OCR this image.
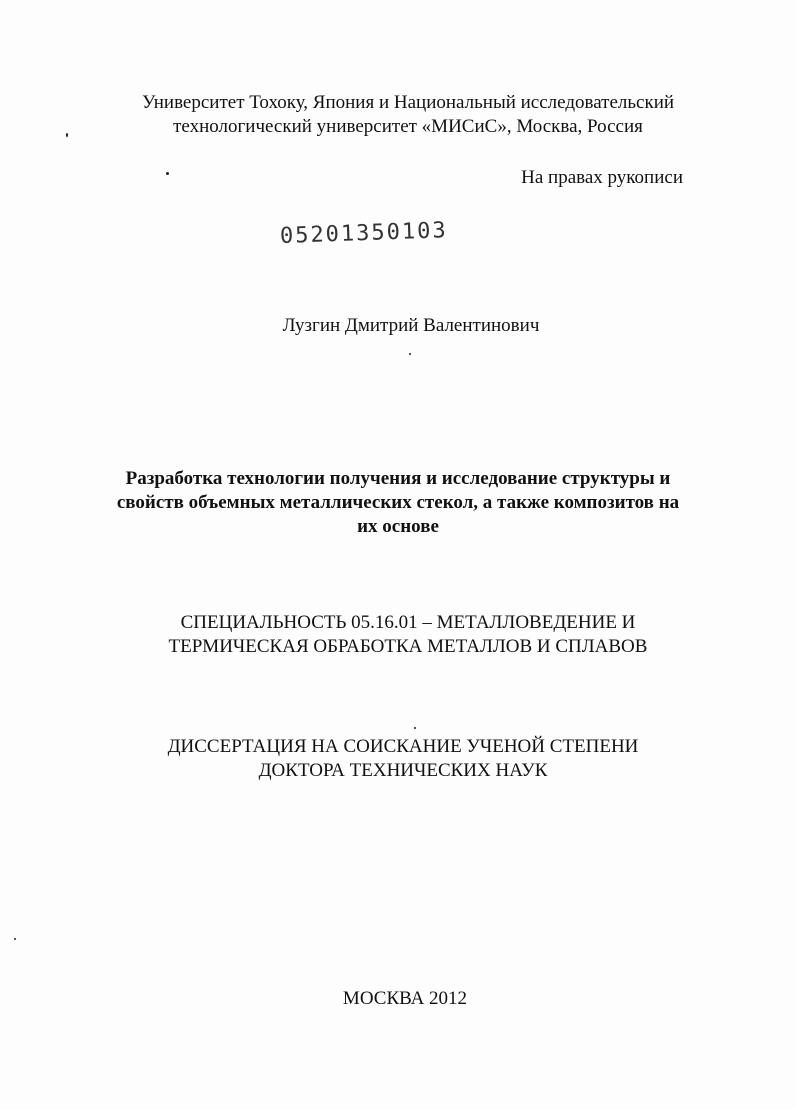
Университет Тохоку, Япония и Национальный исследовательский
технологический университет «МИСиС», Москва, Россия
На правах рукописи
0520135010З
Лузгин Дмитрий Валентинович
Разработка технологии получения и исследование структуры и
свойств объемных металлических стекол, а также композитов на
их основе
СПЕЦИАЛЬНОСТЬ 05.16.01 – МЕТАЛЛОВЕДЕНИЕ И
ТЕРМИЧЕСКАЯ ОБРАБОТКА МЕТАЛЛОВ И СПЛАВОВ
ДИССЕРТАЦИЯ НА СОИСКАНИЕ УЧЕНОЙ СТЕПЕНИ
ДОКТОРА ТЕХНИЧЕСКИХ НАУК
МОСКВА 2012
